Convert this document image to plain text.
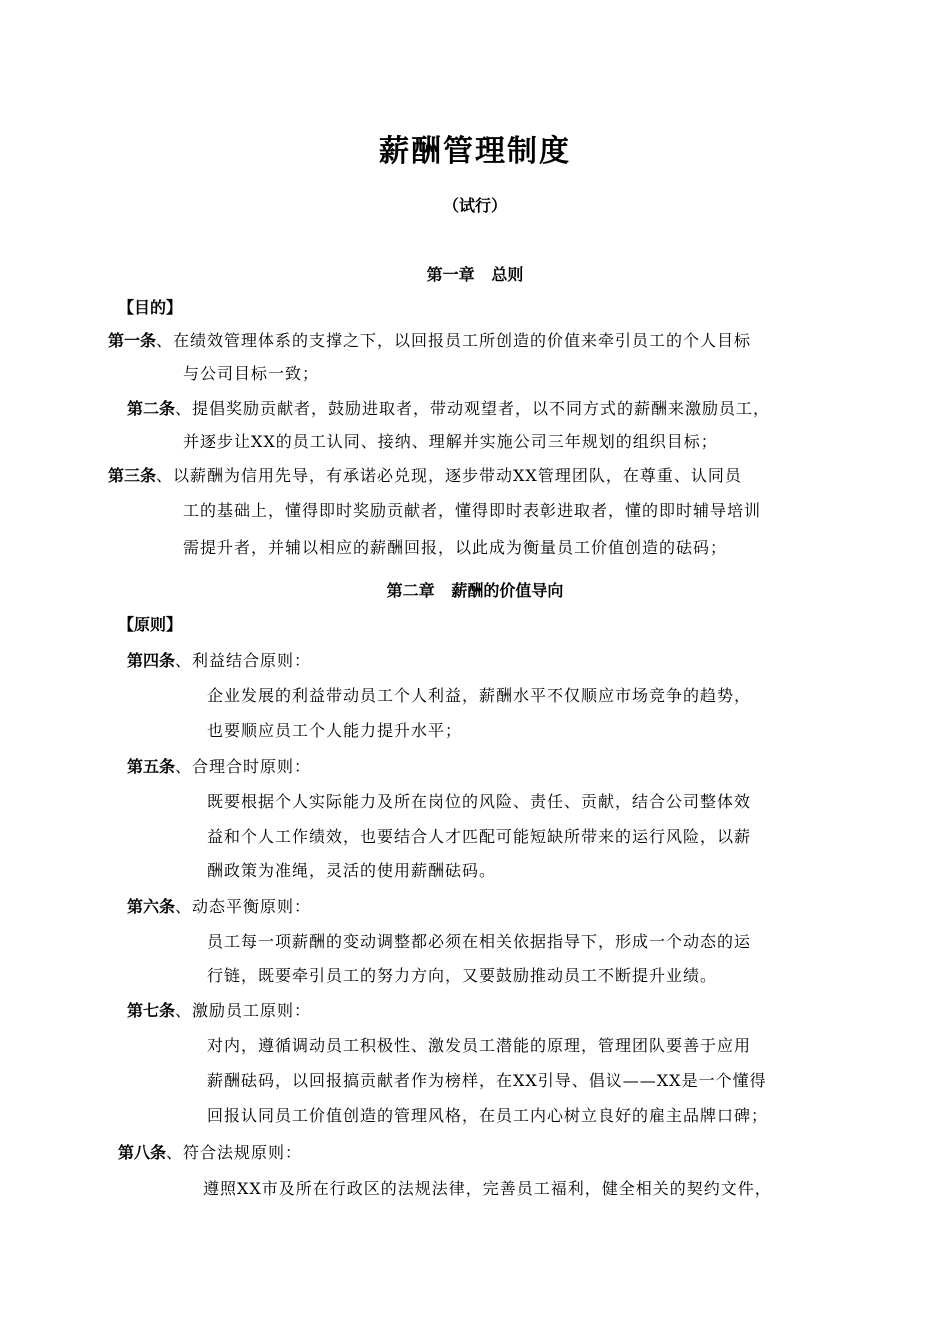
薪酬管理制度
（试行）
第一章   总则
【目的】
第一条、在绩效管理体系的支撑之下，以回报员工所创造的价值来牵引员工的个人目标
与公司目标一致；
第二条、提倡奖励贡献者，鼓励进取者，带动观望者，以不同方式的薪酬来激励员工，
并逐步让XX的员工认同、接纳、理解并实施公司三年规划的组织目标；
第三条、以薪酬为信用先导，有承诺必兑现，逐步带动XX管理团队，在尊重、认同员
工的基础上，懂得即时奖励贡献者，懂得即时表彰进取者，懂的即时辅导培训
需提升者，并辅以相应的薪酬回报，以此成为衡量员工价值创造的砝码；
第二章   薪酬的价值导向
【原则】
第四条、利益结合原则：
企业发展的利益带动员工个人利益，薪酬水平不仅顺应市场竞争的趋势，
也要顺应员工个人能力提升水平；
第五条、合理合时原则：
既要根据个人实际能力及所在岗位的风险、责任、贡献，结合公司整体效
益和个人工作绩效，也要结合人才匹配可能短缺所带来的运行风险，以薪
酬政策为准绳，灵活的使用薪酬砝码。
第六条、动态平衡原则：
员工每一项薪酬的变动调整都必须在相关依据指导下，形成一个动态的运
行链，既要牵引员工的努力方向，又要鼓励推动员工不断提升业绩。
第七条、激励员工原则：
对内，遵循调动员工积极性、激发员工潜能的原理，管理团队要善于应用
薪酬砝码，以回报搞贡献者作为榜样，在XX引导、倡议——XX是一个懂得
回报认同员工价值创造的管理风格，在员工内心树立良好的雇主品牌口碑；
第八条、符合法规原则：
遵照XX市及所在行政区的法规法律，完善员工福利，健全相关的契约文件，
